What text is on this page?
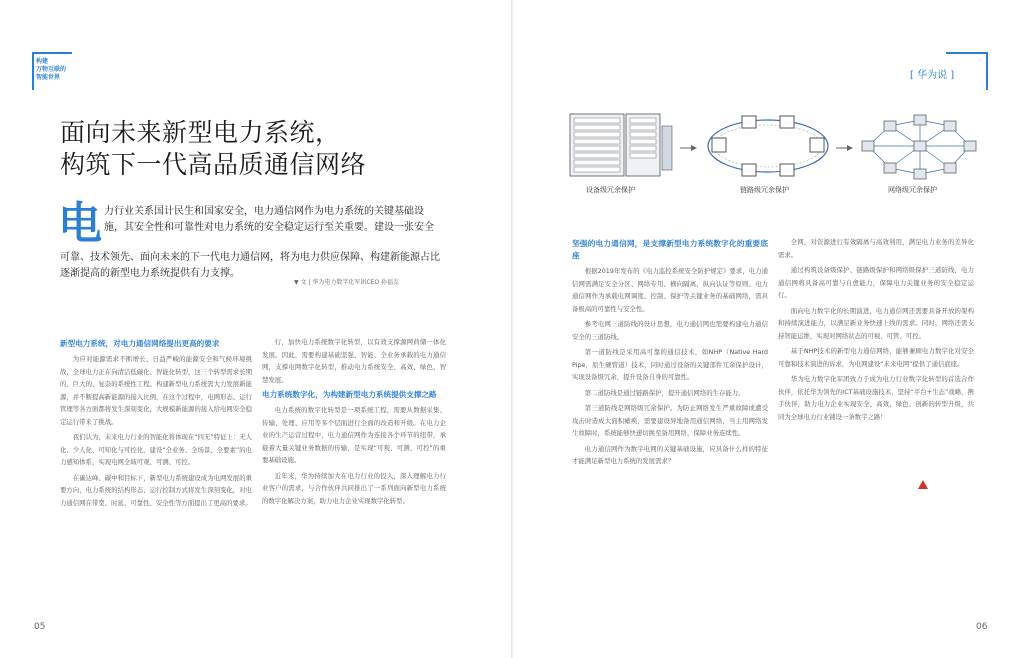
构建
万物互联的
智能世界
面向未来新型电力系统，
构筑下一代高品质通信网络
电 力行业关系国计民生和国家安全，电力通信网作为电力系统的关键基础设施，其安全性和可靠性对电力系统的安全稳定运行至关重要。建设一张安全
可靠、技术领先、面向未来的下一代电力通信网，将为电力供应保障、构建新能源占比逐渐提高的新型电力系统提供有力支撑。
▼ 文 | 华为电力数字化军团CEO 孙福友

新型电力系统，对电力通信网络提出更高的要求

为应对能源需求不断增长、日益严峻的能源安全和气候环境挑战，全球电力正在向清洁低碳化、智能化转型，这三个转型需求长期的、巨大的、复杂的系统性工程。构建新型电力系统需大力发展新能源，并不断提高新能源的接入比例，在这个过程中，电网形态、运行管理等各方面都将发生深刻变化，大规模新能源的接入给电网安全稳定运行带来了挑战。

我们认为，未来电力行业的智能化将体现在“四无”特征上：无人化、少人化、可知化与可控化，建设“全业务、全场景、全要素”的电力感知体系，实现电网全域可观、可测、可控。

在碳达峰、碳中和目标下，新型电力系统建设成为电网发展的重要方向，电力系统的结构形态、运行控制方式将发生深刻变化，对电力通信网在带宽、时延、可靠性、安全性等方面提出了更高的要求。

行，加快电力系统数字化转型，以有效支撑源网荷储一体化发展。因此，需要构建基础坚强、智能、全业务承载的电力通信网，支撑电网数字化转型，推动电力系统安全、高效、绿色、智慧发展。

电力系统数字化，为构建新型电力系统提供支撑之路

电力系统的数字化转型是一项系统工程，需要从数据采集、传输、处理、应用等多个层面进行全面的改造和升级。在电力企业的生产运营过程中，电力通信网作为连接各个环节的纽带，承载着大量关键业务数据的传输，是实现“可观、可测、可控”的重要基础设施。

近年来，华为持续加大在电力行业的投入，深入理解电力行业客户的需求，与合作伙伴共同推出了一系列面向新型电力系统的数字化解决方案，助力电力企业实现数字化转型。

05
[ 华为说 ]
设备级冗余保护	链路级冗余保护	网络级冗余保护

坚强的电力通信网，是支撑新型电力系统数字化的重要底座

根据2019年发布的《电力监控系统安全防护规定》要求，电力通信网需满足安全分区、网络专用、横向隔离、纵向认证等原则。电力通信网作为承载电网调度、控制、保护等关键业务的基础网络，需具备极高的可靠性与安全性。

参考电网三道防线的设计思想，电力通信网也需要构建电力通信安全的三道防线。

第一道防线是采用高可靠的通信技术，如NHP（Native Hard Pipe，原生硬管道）技术，同时通过设备的关键部件冗余保护设计，实现设备级冗余，提升设备自身的可靠性。

第二道防线是通过链路保护，提升通信网络的生存能力。

第三道防线是网络级冗余保护。为防止网络发生严重故障或遭受攻击时造成大面积瘫痪，需要建设异地备用通信网络，当主用网络发生故障时，系统能够快速切换至备用网络，保障业务连续性。

电力通信网作为数字电网的关键基础设施，应具备什么样的特征才能满足新型电力系统的发展需求？

全网，对资源进行有效隔离与高效利用，满足电力业务的差异化需求。

通过构筑设备级保护、链路级保护和网络级保护三道防线，电力通信网将具备高可靠与自愈能力，保障电力关键业务的安全稳定运行。

面向电力数字化的长期演进，电力通信网还需要具备开放的架构和持续演进能力，以满足新业务快速上线的需求。同时，网络还需支持智能运维，实现对网络状态的可视、可管、可控。

基于NHP技术的新型电力通信网络，能够兼顾电力数字化对安全可靠和技术演进的诉求，为电网建设“未来电网”提供了通信底座。

华为电力数字化军团致力于成为电力行业数字化转型的首选合作伙伴，依托华为领先的ICT基础设施技术，坚持“平台+生态”战略，携手伙伴，助力电力企业实现安全、高效、绿色、创新的转型升级，共同为全球电力行业铺设一条数字之路！

06
